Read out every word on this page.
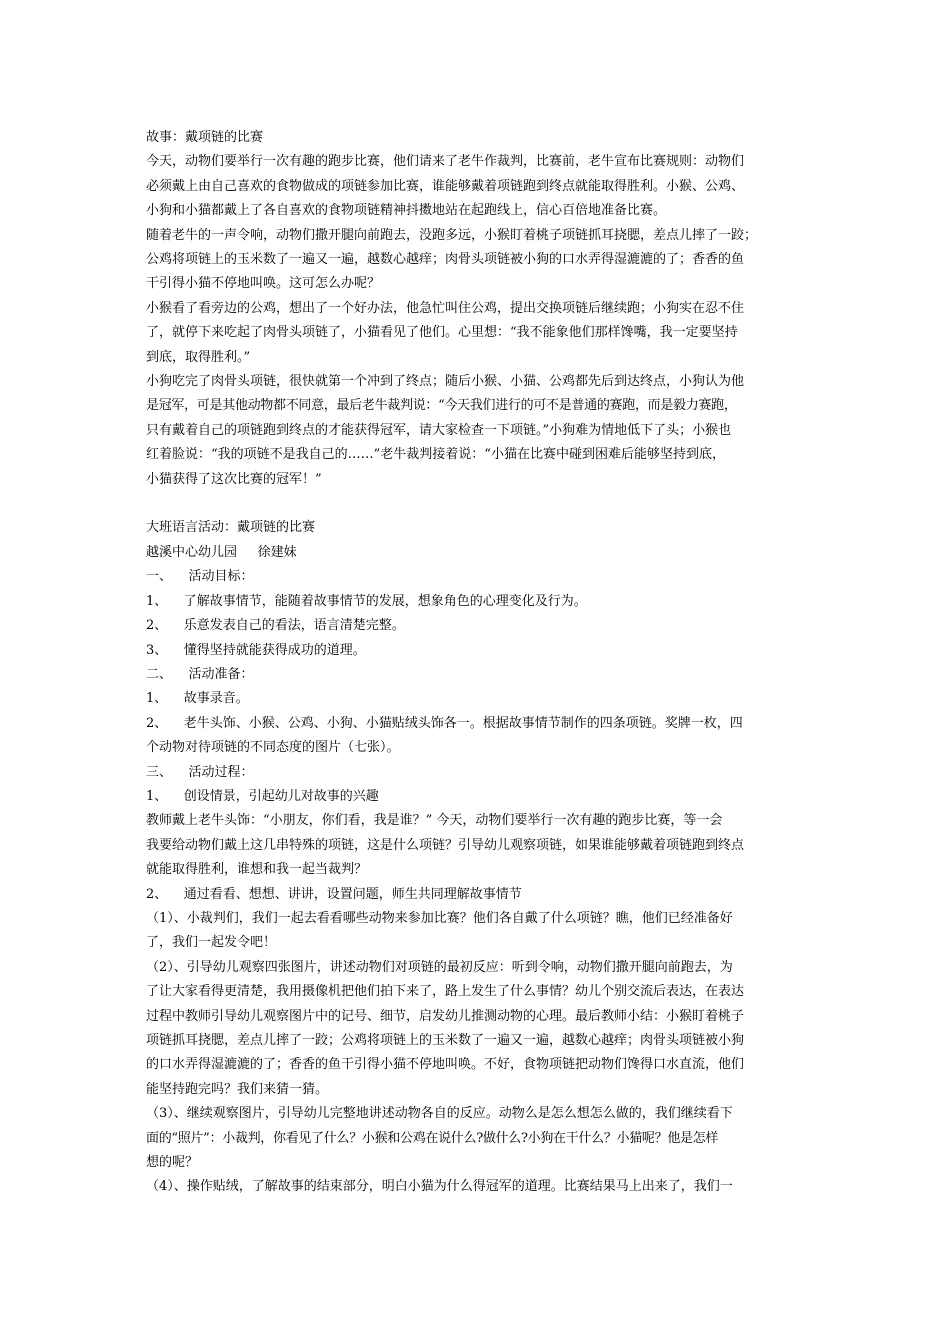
故事：戴项链的比赛
今天，动物们要举行一次有趣的跑步比赛，他们请来了老牛作裁判，比赛前，老牛宣布比赛规则：动物们
必须戴上由自己喜欢的食物做成的项链参加比赛，谁能够戴着项链跑到终点就能取得胜利。小猴、公鸡、
小狗和小猫都戴上了各自喜欢的食物项链精神抖擞地站在起跑线上，信心百倍地准备比赛。
随着老牛的一声令响，动物们撒开腿向前跑去，没跑多远，小猴盯着桃子项链抓耳挠腮，差点儿摔了一跤；
公鸡将项链上的玉米数了一遍又一遍，越数心越痒；肉骨头项链被小狗的口水弄得湿漉漉的了；香香的鱼
干引得小猫不停地叫唤。这可怎么办呢？
小猴看了看旁边的公鸡，想出了一个好办法，他急忙叫住公鸡，提出交换项链后继续跑；小狗实在忍不住
了，就停下来吃起了肉骨头项链了，小猫看见了他们。心里想：“我不能象他们那样馋嘴，我一定要坚持
到底，取得胜利。”
小狗吃完了肉骨头项链，很快就第一个冲到了终点；随后小猴、小猫、公鸡都先后到达终点，小狗认为他
是冠军，可是其他动物都不同意，最后老牛裁判说：“今天我们进行的可不是普通的赛跑，而是毅力赛跑，
只有戴着自己的项链跑到终点的才能获得冠军，请大家检查一下项链。”小狗难为情地低下了头；小猴也
红着脸说：“我的项链不是我自己的……”老牛裁判接着说：“小猫在比赛中碰到困难后能够坚持到底，
小猫获得了这次比赛的冠军！”
大班语言活动：戴项链的比赛
越溪中心幼儿园     徐建妹
一、    活动目标：
1、    了解故事情节，能随着故事情节的发展，想象角色的心理变化及行为。
2、    乐意发表自己的看法，语言清楚完整。
3、    懂得坚持就能获得成功的道理。
二、    活动准备：
1、    故事录音。
2、    老牛头饰、小猴、公鸡、小狗、小猫贴绒头饰各一。根据故事情节制作的四条项链。奖牌一枚，四
个动物对待项链的不同态度的图片（七张）。
三、    活动过程：
1、    创设情景，引起幼儿对故事的兴趣
教师戴上老牛头饰：“小朋友，你们看，我是谁？” 今天，动物们要举行一次有趣的跑步比赛，等一会
我要给动物们戴上这几串特殊的项链，这是什么项链？引导幼儿观察项链，如果谁能够戴着项链跑到终点
就能取得胜利，谁想和我一起当裁判？
2、    通过看看、想想、讲讲，设置问题，师生共同理解故事情节
（1）、小裁判们，我们一起去看看哪些动物来参加比赛？他们各自戴了什么项链？瞧，他们已经准备好
了，我们一起发令吧！
（2）、引导幼儿观察四张图片，讲述动物们对项链的最初反应：听到令响，动物们撒开腿向前跑去，为
了让大家看得更清楚，我用摄像机把他们拍下来了，路上发生了什么事情？幼儿个别交流后表达，在表达
过程中教师引导幼儿观察图片中的记号、细节，启发幼儿推测动物的心理。最后教师小结：小猴盯着桃子
项链抓耳挠腮，差点儿摔了一跤；公鸡将项链上的玉米数了一遍又一遍，越数心越痒；肉骨头项链被小狗
的口水弄得湿漉漉的了；香香的鱼干引得小猫不停地叫唤。不好，食物项链把动物们馋得口水直流，他们
能坚持跑完吗？我们来猜一猜。
（3）、继续观察图片，引导幼儿完整地讲述动物各自的反应。动物么是怎么想怎么做的，我们继续看下
面的“照片”：小裁判，你看见了什么？小猴和公鸡在说什么?做什么?小狗在干什么？小猫呢？他是怎样
想的呢？
（4）、操作贴绒，了解故事的结束部分，明白小猫为什么得冠军的道理。比赛结果马上出来了，我们一
